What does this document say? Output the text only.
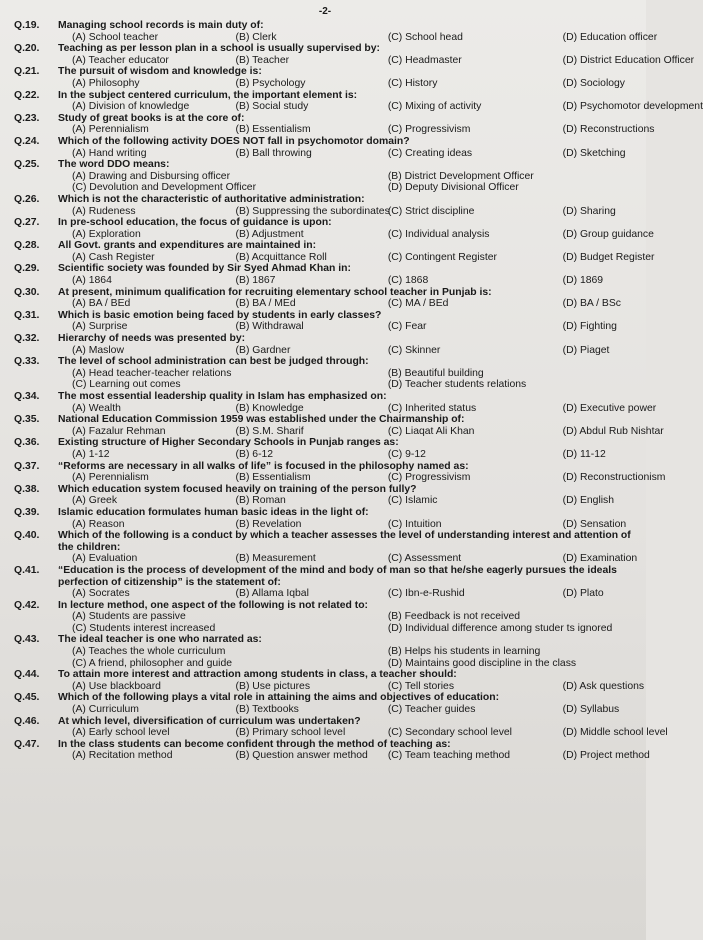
-2-
Q.19.	Managing school records is main duty of:
(A) School teacher	(B) Clerk	(C) School head	(D) Education officer
Q.20.	Teaching as per lesson plan in a school is usually supervised by:
(A) Teacher educator	(B) Teacher	(C) Headmaster	(D) District Education Officer
Q.21.	The pursuit of wisdom and knowledge is:
(A) Philosophy	(B) Psychology	(C) History	(D) Sociology
Q.22.	In the subject centered curriculum, the important element is:
(A) Division of knowledge	(B) Social study	(C) Mixing of activity	(D) Psychomotor development
Q.23.	Study of great books is at the core of:
(A) Perennialism	(B) Essentialism	(C) Progressivism	(D) Reconstructions
Q.24.	Which of the following activity DOES NOT fall in psychomotor domain?
(A) Hand writing	(B) Ball throwing	(C) Creating ideas	(D) Sketching
Q.25.	The word DDO means:
(A) Drawing and Disbursing officer	(B) District Development Officer
(C) Devolution and Development Officer	(D) Deputy Divisional Officer
Q.26.	Which is not the characteristic of authoritative administration:
(A) Rudeness	(B) Suppressing the subordinates
(C) Strict discipline	(D) Sharing
Q.27.	In pre-school education, the focus of guidance is upon:
(A) Exploration	(B) Adjustment	(C) Individual analysis	(D) Group guidance
Q.28.	All Govt. grants and expenditures are maintained in:
(A) Cash Register	(B) Acquittance Roll	(C) Contingent Register	(D) Budget Register
Q.29.	Scientific society was founded by Sir Syed Ahmad Khan in:
(A) 1864	(B) 1867	(C) 1868	(D) 1869
Q.30.	At present, minimum qualification for recruiting elementary school teacher in Punjab is:
(A) BA / BEd	(B) BA / MEd	(C) MA / BEd	(D) BA / BSc
Q.31.	Which is basic emotion being faced by students in early classes?
(A) Surprise	(B) Withdrawal	(C) Fear	(D) Fighting
Q.32.	Hierarchy of needs was presented by:
(A) Maslow	(B) Gardner	(C) Skinner	(D) Piaget
Q.33.	The level of school administration can best be judged through:
(A) Head teacher-teacher relations	(B) Beautiful building
(C) Learning out comes	(D) Teacher students relations
Q.34.	The most essential leadership quality in Islam has emphasized on:
(A) Wealth	(B) Knowledge	(C) Inherited status	(D) Executive power
Q.35.	National Education Commission 1959 was established under the Chairmanship of:
(A) Fazalur Rehman	(B) S.M. Sharif	(C) Liaqat Ali Khan	(D) Abdul Rub Nishtar
Q.36.	Existing structure of Higher Secondary Schools in Punjab ranges as:
(A) 1-12	(B) 6-12	(C) 9-12	(D) 11-12
Q.37.	“Reforms are necessary in all walks of life” is focused in the philosophy named as:
(A) Perennialism	(B) Essentialism	(C) Progressivism	(D) Reconstructionism
Q.38.	Which education system focused heavily on training of the person fully?
(A) Greek	(B) Roman	(C) Islamic	(D) English
Q.39.	Islamic education formulates human basic ideas in the light of:
(A) Reason	(B) Revelation	(C) Intuition	(D) Sensation
Q.40.	Which of the following is a conduct by which a teacher assesses the level of understanding interest and attention of the children:
(A) Evaluation	(B) Measurement	(C) Assessment	(D) Examination
Q.41.	“Education is the process of development of the mind and body of man so that he/she eagerly pursues the ideals perfection of citizenship” is the statement of:
(A) Socrates	(B) Allama Iqbal	(C) Ibn-e-Rushid	(D) Plato
Q.42.	In lecture method, one aspect of the following is not related to:
(A) Students are passive	(B) Feedback is not received
(C) Students interest increased	(D) Individual difference among studer ts ignored
Q.43.	The ideal teacher is one who narrated as:
(A) Teaches the whole curriculum	(B) Helps his students in learning
(C) A friend, philosopher and guide	(D) Maintains good discipline in the class
Q.44.	To attain more interest and attraction among students in class, a teacher should:
(A) Use blackboard	(B) Use pictures	(C) Tell stories	(D) Ask questions
Q.45.	Which of the following plays a vital role in attaining the aims and objectives of education:
(A) Curriculum	(B) Textbooks	(C) Teacher guides	(D) Syllabus
Q.46.	At which level, diversification of curriculum was undertaken?
(A) Early school level	(B) Primary school level	(C) Secondary school level	(D) Middle school level
Q.47.	In the class students can become confident through the method of teaching as:
(A) Recitation method	(B) Question answer method	(C) Team teaching method	(D) Project method
